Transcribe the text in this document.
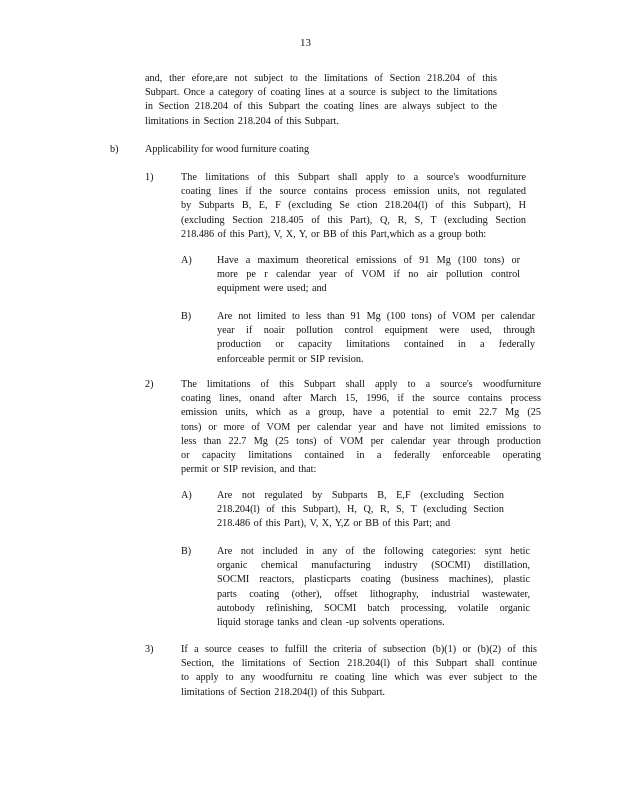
13

and, ther efore,are not subject to the limitations of Section 218.204 of this

Subpart. Once a category of coating lines at a source is subject to the limitations

in Section 218.204 of this Subpart the coating lines are always subject to the

limitations in Section 218.204 of this Subpart.

b)	Applicability for wood furniture coating
1)	The limitations of this Subpart shall apply to a source's woodfurniture

coating lines if the source contains process emission units, not regulated

by Subparts B, E, F (excluding Se ction 218.204(l) of this Subpart), H

(excluding Section 218.405 of this Part), Q, R, S, T (excluding Section

218.486 of this Part), V, X, Y, or BB of this Part,which as a group both:

A) Have a maximum theoretical emissions of 91 Mg (100 tons) or

more pe r calendar year of VOM if no air pollution control

equipment were used; and

B)	Are not limited to less than 91 Mg (100 tons) of VOM per calendar

year if noair pollution control equipment were used, through

production or capacity limitations contained in a federally

enforceable permit or SIP revision.

2)	The limitations of this Subpart shall apply to a source's woodfurniture

coating lines, onand after March 15, 1996, if the source contains process

emission units, which as a group, have a potential to emit 22.7 Mg (25

tons) or more of VOM per calendar year and have not limited emissions to

less than 22.7 Mg (25 tons) of VOM per calendar year through production

or capacity limitations contained in a federally enforceable operating

permit or SIP revision, and that:

A) Are not regulated by Subparts B, E,F (excluding Section

218.204(l) of this Subpart), H, Q, R, S, T (excluding Section

218.486 of this Part), V, X, Y,Z or BB of this Part; and

B)	Are not included in any of the following categories: synt hetic

organic chemical manufacturing industry (SOCMI) distillation,

SOCMI reactors, plasticparts coating (business machines), plastic

parts coating (other), offset lithography, industrial wastewater,

autobody refinishing, SOCMI batch processing, volatile organic

liquid storage tanks and clean -up solvents operations.

3)	If a source ceases to fulfill the criteria of subsection (b)(1) or (b)(2) of this

Section, the limitations of Section 218.204(l) of this Subpart shall continue

to apply to any woodfurnitu re coating line which was ever subject to the

limitations of Section 218.204(l) of this Subpart.
